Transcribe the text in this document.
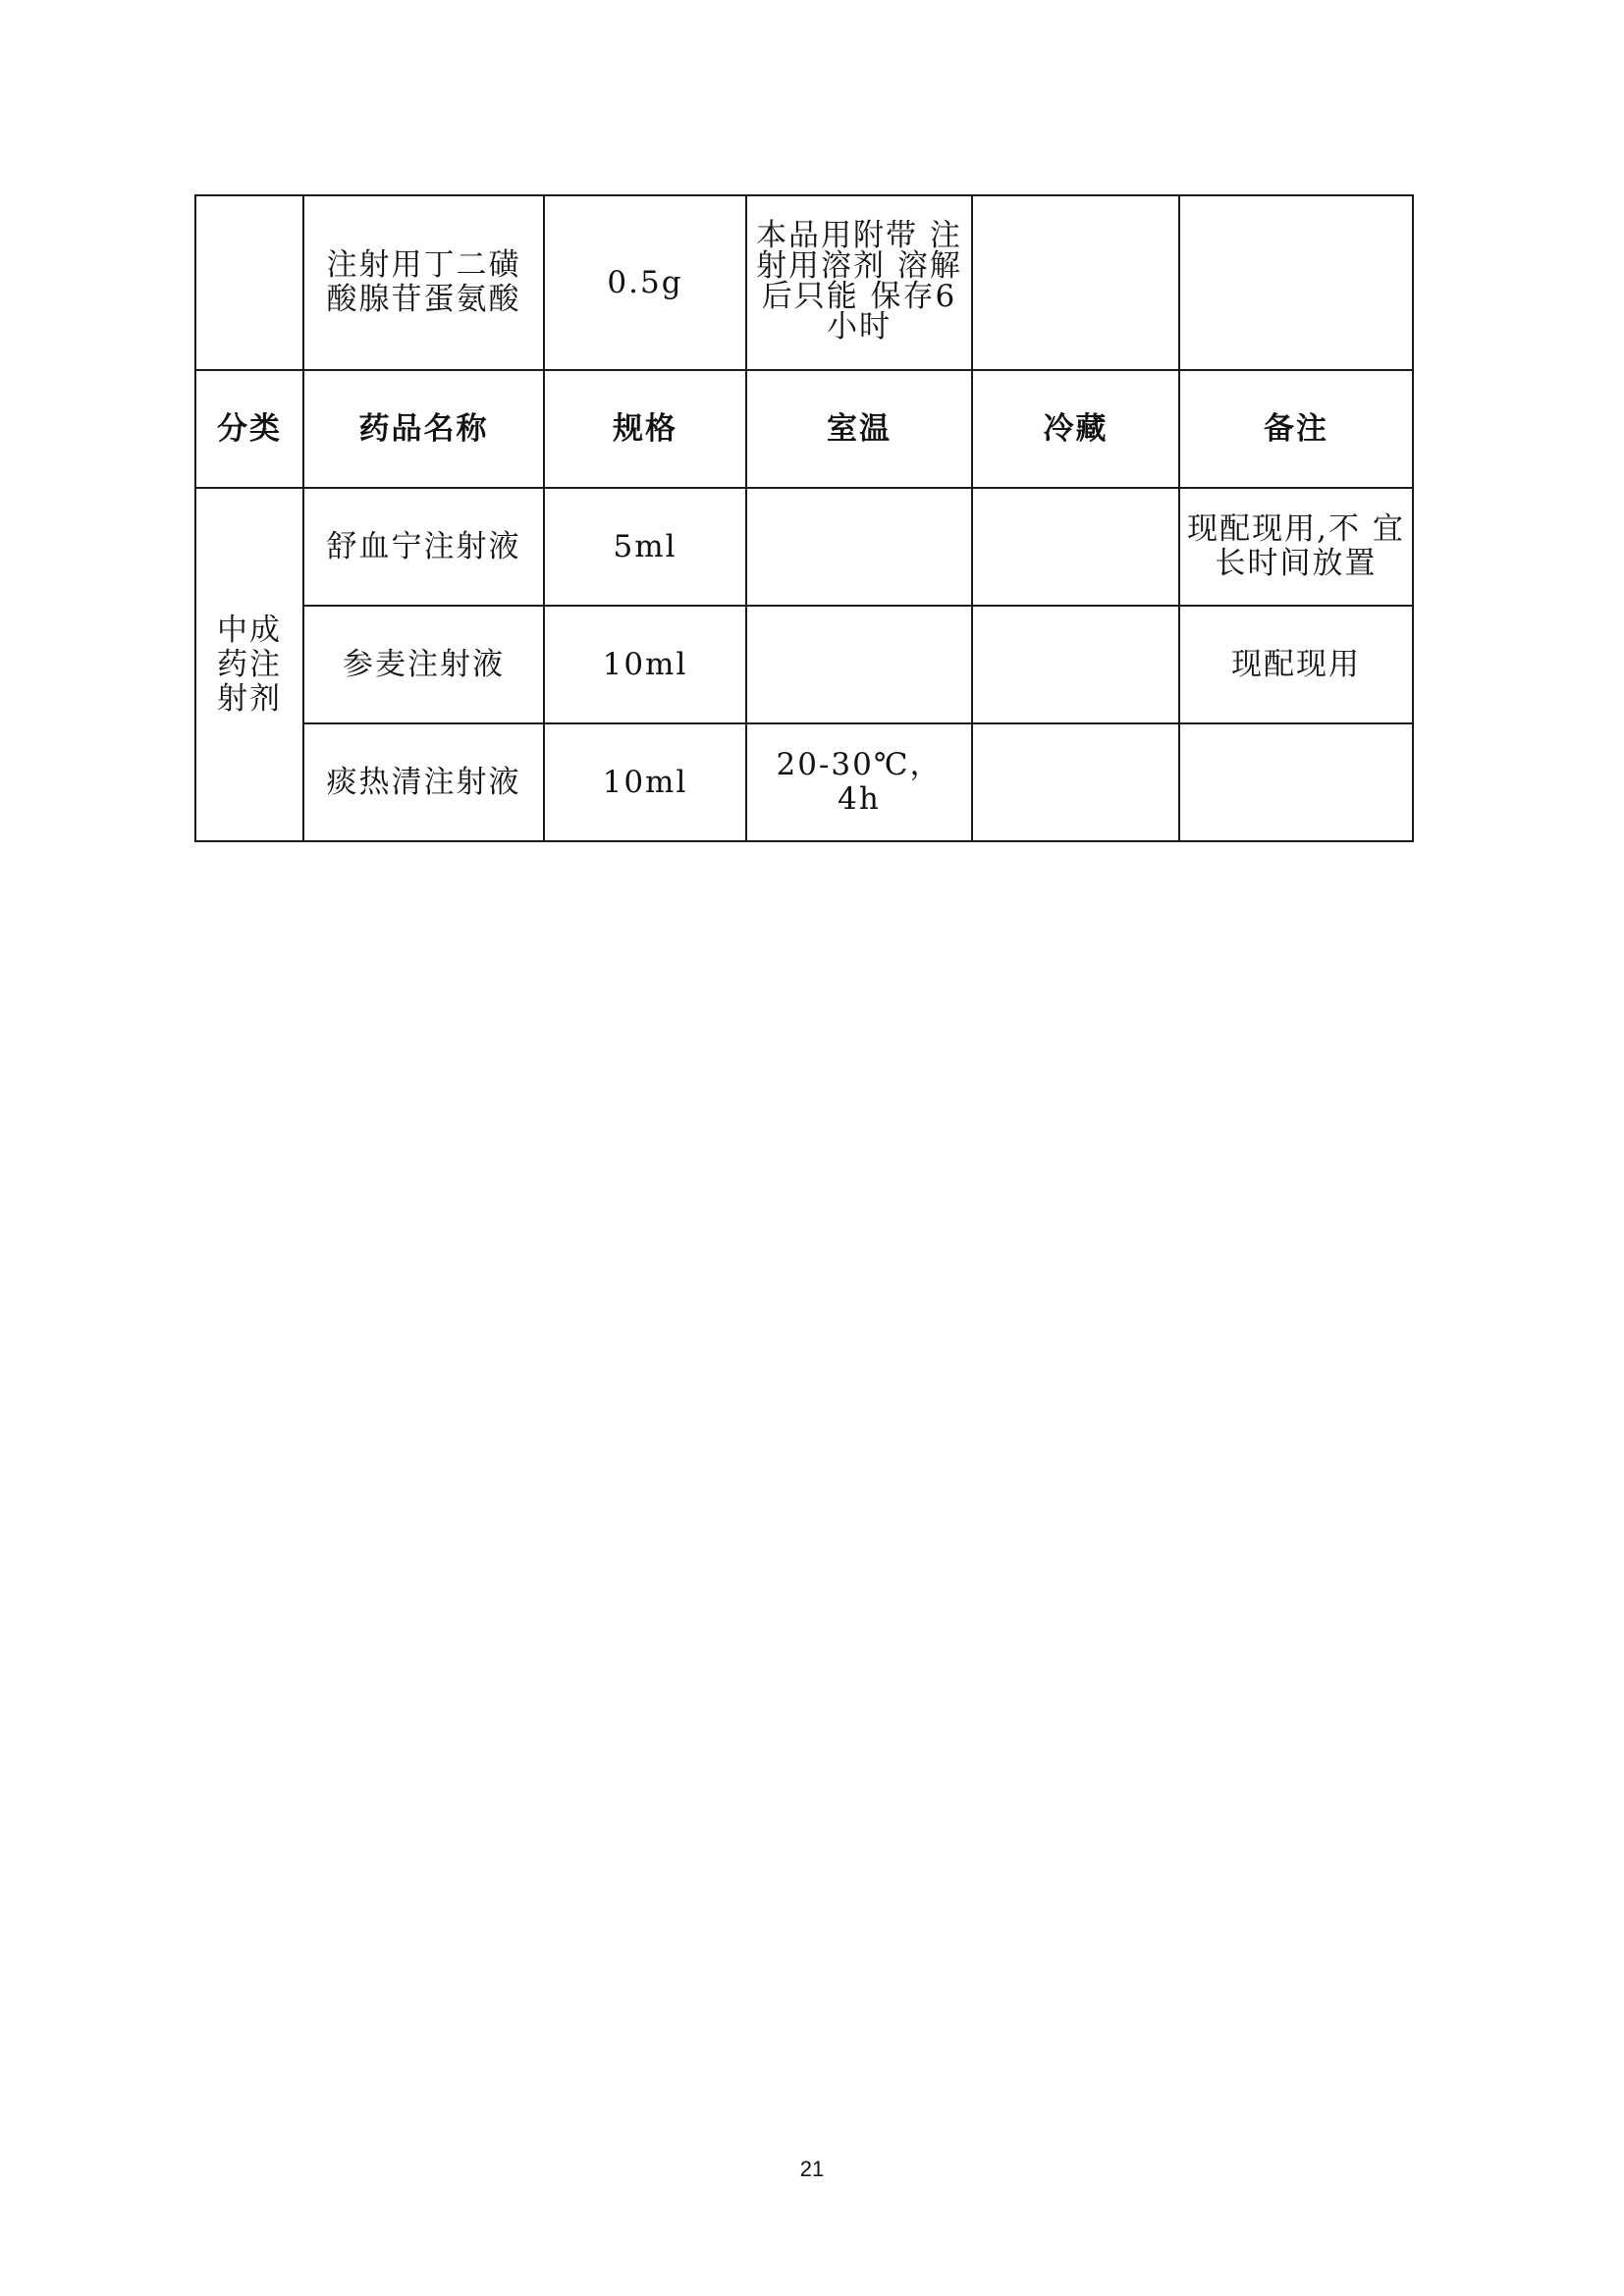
	注射用丁二磺酸腺苷蛋氨酸	0.5g	本品用附带 注射用溶剂 溶解后只能 保存6小时		
分类	药品名称	规格	室温	冷藏	备注
中成药注射剂	舒血宁注射液	5ml			现配现用,不 宜长时间放置
	参麦注射液	10ml			现配现用
	痰热清注射液	10ml	20-30℃， 4h		
21
